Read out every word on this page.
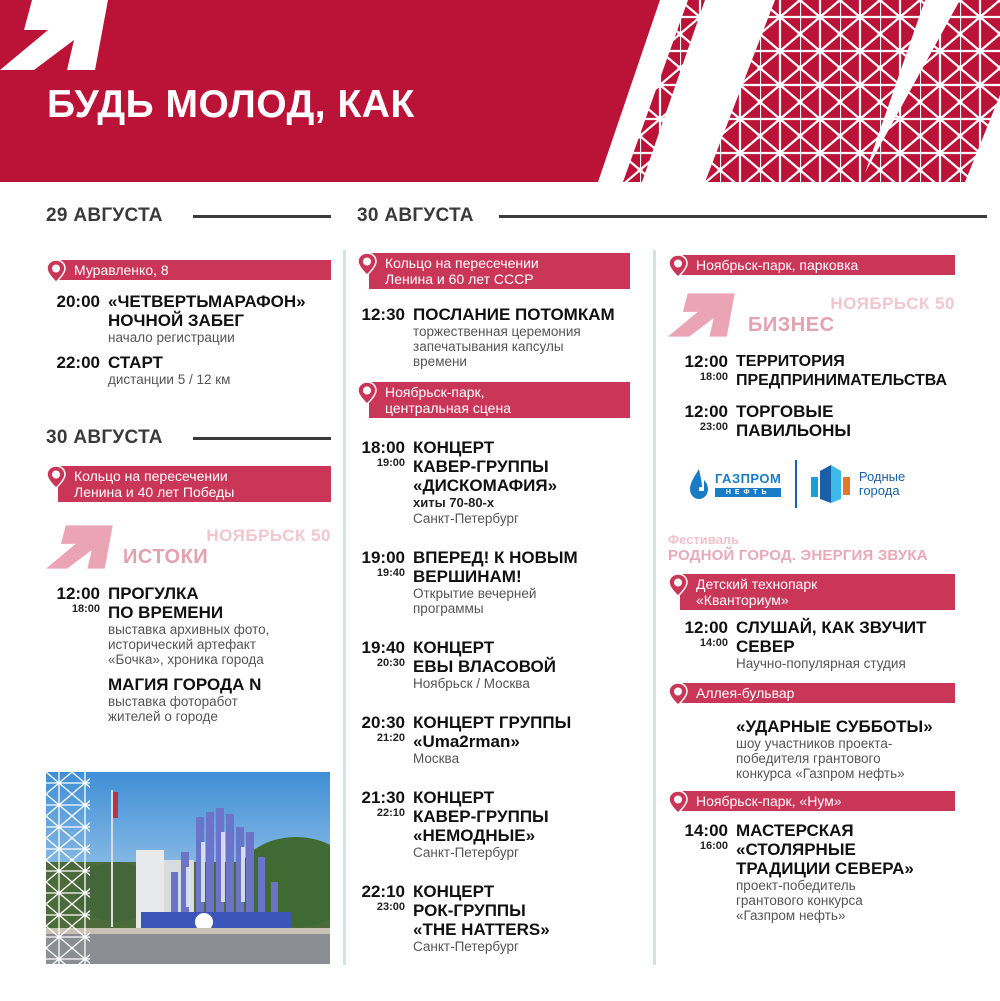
БУДЬ МОЛОД, КАК
29 АВГУСТА
Муравленко, 8
20:00 «ЧЕТВЕРТЬМАРАФОН»
НОЧНОЙ ЗАБЕГ
начало регистрации
22:00 СТАРТ
дистанции 5 / 12 км
30 АВГУСТА
Кольцо на пересечении
Ленина и 40 лет Победы
НОЯБРЬСК 50
ИСТОКИ
12:00
18:00
ПРОГУЛКА
ПО ВРЕМЕНИ
выставка архивных фото,
исторический артефакт
«Бочка», хроника города
МАГИЯ ГОРОДА N
выставка фоторабот
жителей о городе
30 АВГУСТА
Кольцо на пересечении
Ленина и 60 лет СССР
12:30 ПОСЛАНИЕ ПОТОМКАМ
торжественная церемония
запечатывания капсулы
времени
Ноябрьск-парк,
центральная сцена
18:00
19:00
КОНЦЕРТ
КАВЕР-ГРУППЫ
«ДИСКОМАФИЯ»
хиты 70-80-х
Санкт-Петербург
19:00
19:40
ВПЕРЕД! К НОВЫМ
ВЕРШИНАМ!
Открытие вечерней
программы
19:40
20:30
КОНЦЕРТ
ЕВЫ ВЛАСОВОЙ
Ноябрьск / Москва
20:30
21:20
КОНЦЕРТ ГРУППЫ
«Uma2rman»
Москва
21:30
22:10
КОНЦЕРТ
КАВЕР-ГРУППЫ
«НЕМОДНЫЕ»
Санкт-Петербург
22:10
23:00
КОНЦЕРТ
РОК-ГРУППЫ
«THE HATTERS»
Санкт-Петербург
Ноябрьск-парк, парковка
НОЯБРЬСК 50
БИЗНЕС
12:00
18:00
ТЕРРИТОРИЯ
ПРЕДПРИНИМАТЕЛЬСТВА
12:00
23:00
ТОРГОВЫЕ
ПАВИЛЬОНЫ
ГАЗПРОМ
НЕФТЬ
Родные
города
Фестиваль
РОДНОЙ ГОРОД. ЭНЕРГИЯ ЗВУКА
Детский технопарк
«Кванториум»
12:00
14:00
СЛУШАЙ, КАК ЗВУЧИТ
СЕВЕР
Научно-популярная студия
Аллея-бульвар
«УДАРНЫЕ СУББОТЫ»
шоу участников проекта-
победителя грантового
конкурса «Газпром нефть»
Ноябрьск-парк, «Нум»
14:00
16:00
МАСТЕРСКАЯ
«СТОЛЯРНЫЕ
ТРАДИЦИИ СЕВЕРА»
проект-победитель
грантового конкурса
«Газпром нефть»
